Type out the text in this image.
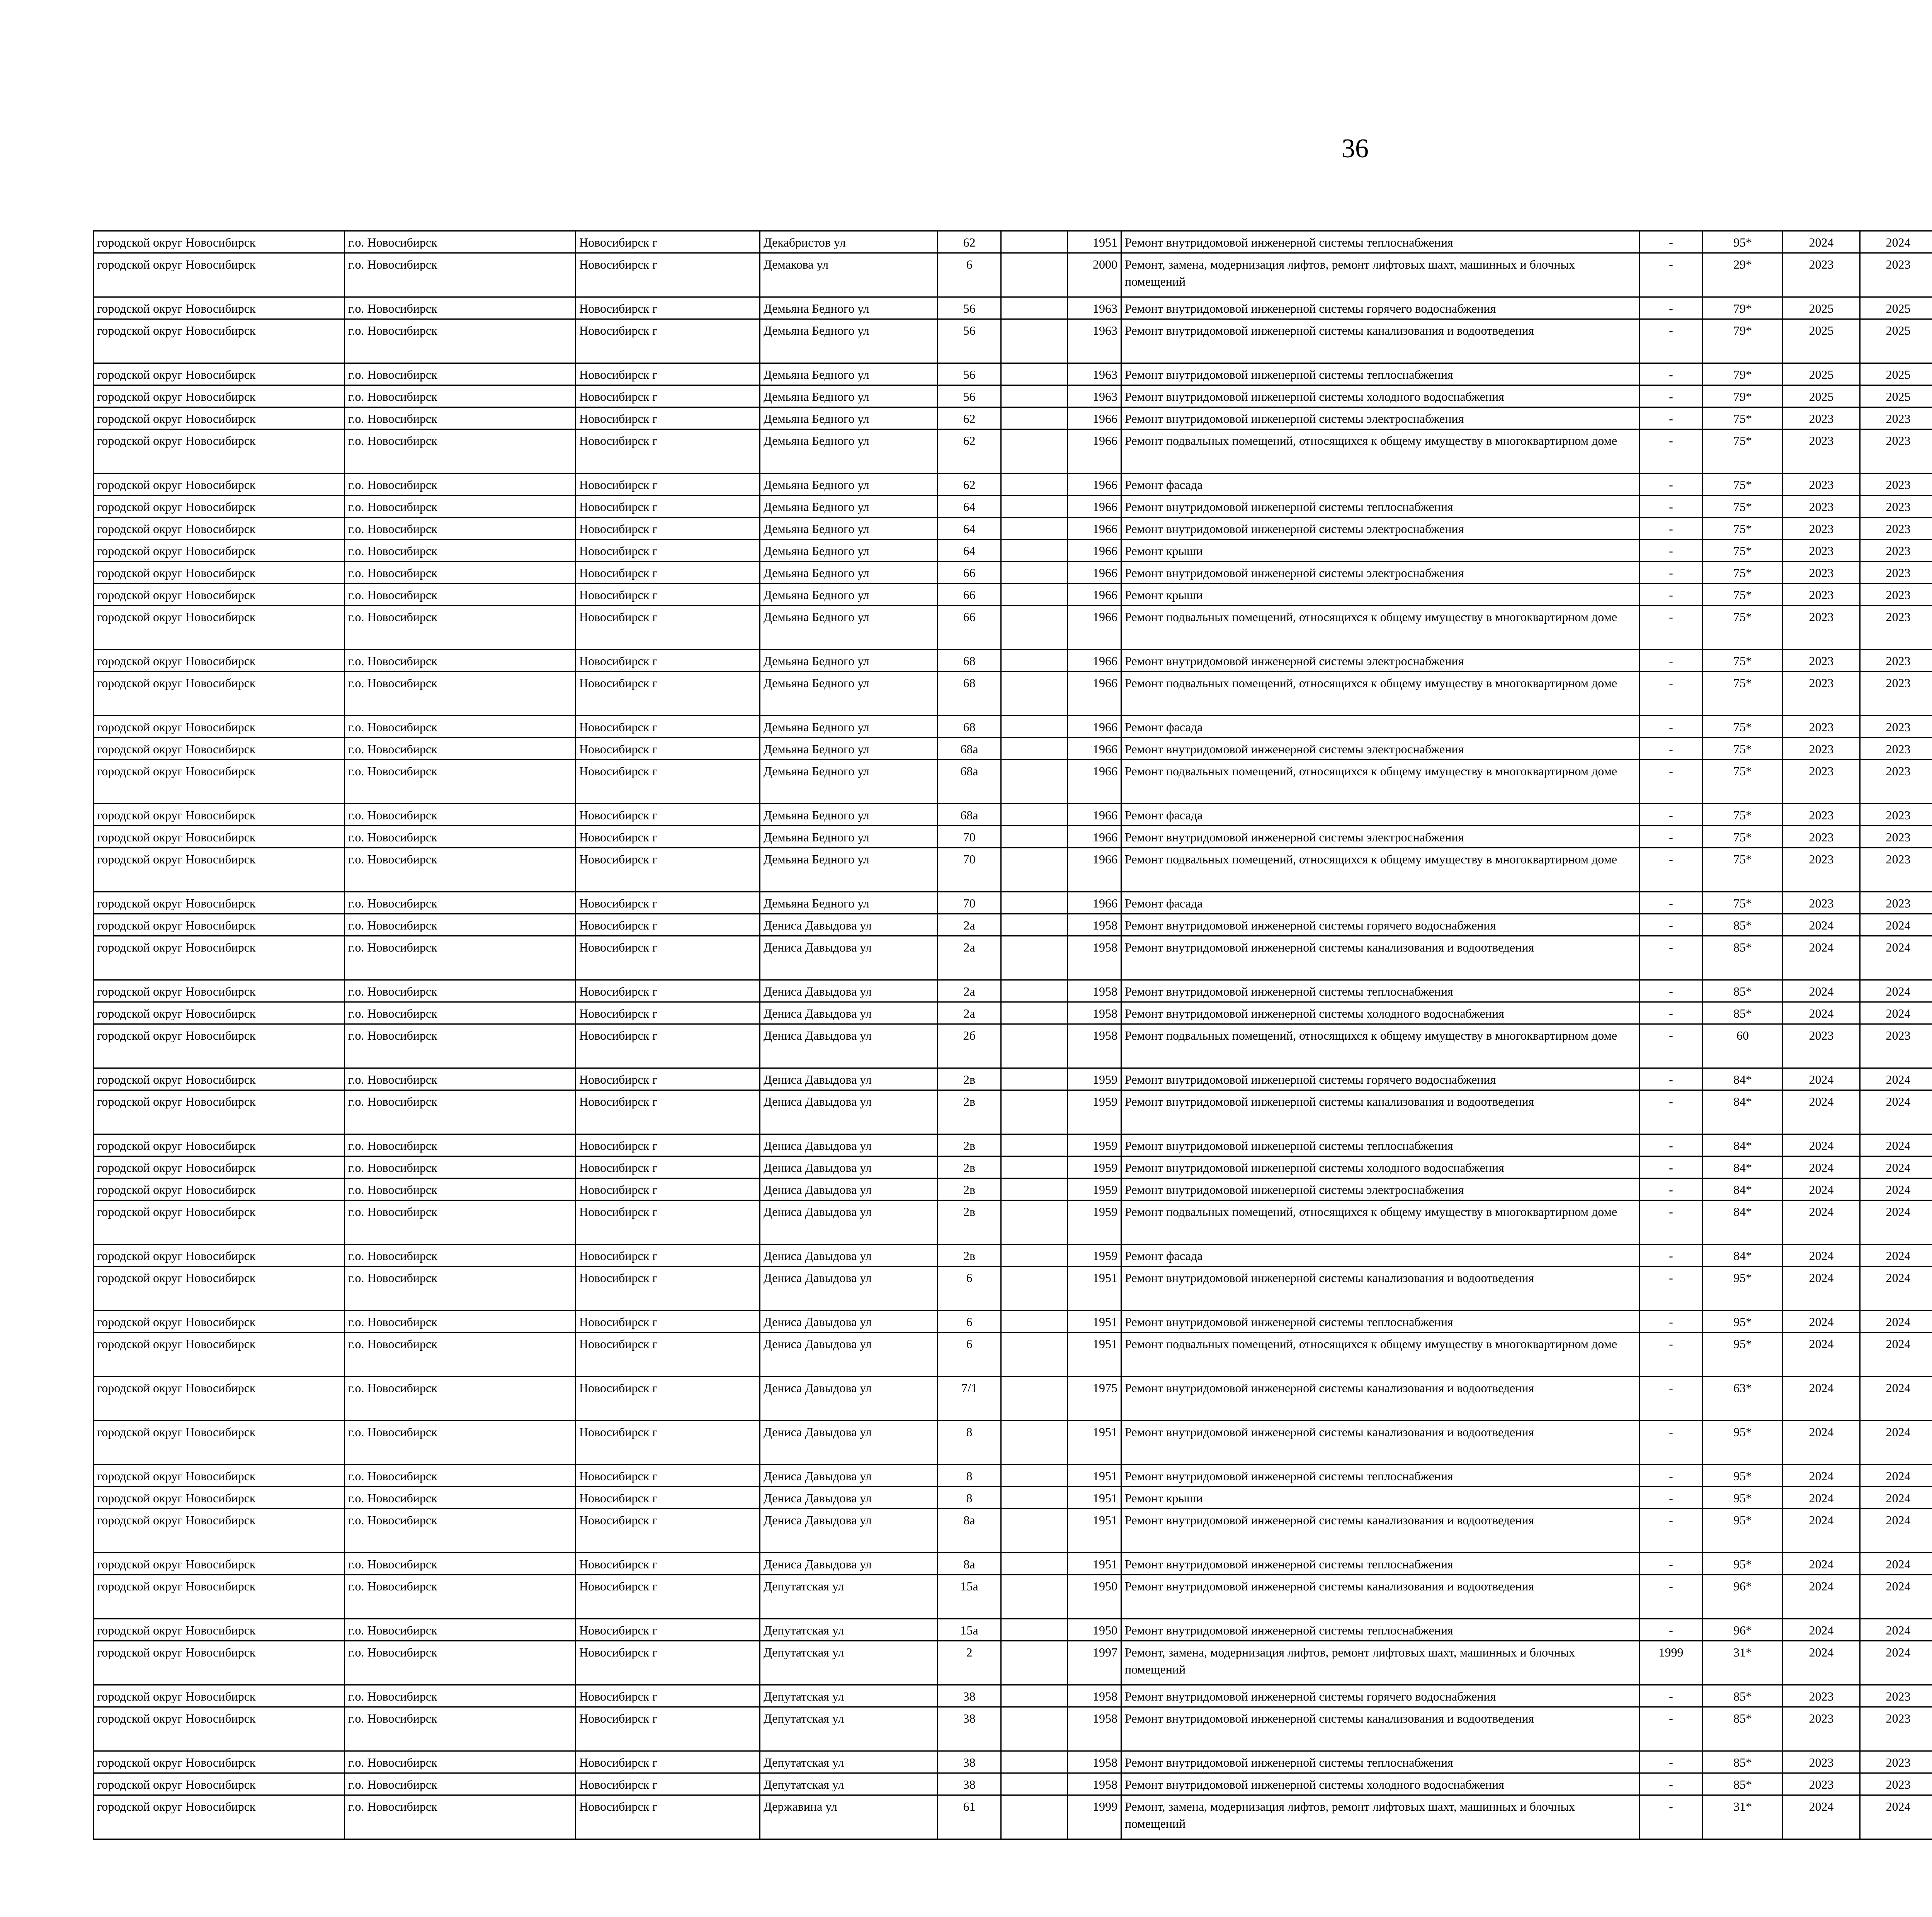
36
городской округ Новосибирск	г.о. Новосибирск	Новосибирск г	Декабристов ул	62		1951	Ремонт внутридомовой инженерной системы теплоснабжения	-	95*	2024	2024							
городской округ Новосибирск	г.о. Новосибирск	Новосибирск г	Демакова ул	6		2000	Ремонт, замена, модернизация лифтов, ремонт лифтовых шахт, машинных и блочных помещений	-	29*	2023	2023							
городской округ Новосибирск	г.о. Новосибирск	Новосибирск г	Демьяна Бедного ул	56		1963	Ремонт внутридомовой инженерной системы горячего водоснабжения	-	79*	2025	2025							
городской округ Новосибирск	г.о. Новосибирск	Новосибирск г	Демьяна Бедного ул	56		1963	Ремонт внутридомовой инженерной системы канализования и водоотведения	-	79*	2025	2025							
городской округ Новосибирск	г.о. Новосибирск	Новосибирск г	Демьяна Бедного ул	56		1963	Ремонт внутридомовой инженерной системы теплоснабжения	-	79*	2025	2025							
городской округ Новосибирск	г.о. Новосибирск	Новосибирск г	Демьяна Бедного ул	56		1963	Ремонт внутридомовой инженерной системы холодного водоснабжения	-	79*	2025	2025							
городской округ Новосибирск	г.о. Новосибирск	Новосибирск г	Демьяна Бедного ул	62		1966	Ремонт внутридомовой инженерной системы электроснабжения	-	75*	2023	2023							
городской округ Новосибирск	г.о. Новосибирск	Новосибирск г	Демьяна Бедного ул	62		1966	Ремонт подвальных помещений, относящихся к общему имуществу в многоквартирном доме	-	75*	2023	2023							
городской округ Новосибирск	г.о. Новосибирск	Новосибирск г	Демьяна Бедного ул	62		1966	Ремонт фасада	-	75*	2023	2023							
городской округ Новосибирск	г.о. Новосибирск	Новосибирск г	Демьяна Бедного ул	64		1966	Ремонт внутридомовой инженерной системы теплоснабжения	-	75*	2023	2023							
городской округ Новосибирск	г.о. Новосибирск	Новосибирск г	Демьяна Бедного ул	64		1966	Ремонт внутридомовой инженерной системы электроснабжения	-	75*	2023	2023							
городской округ Новосибирск	г.о. Новосибирск	Новосибирск г	Демьяна Бедного ул	64		1966	Ремонт крыши	-	75*	2023	2023							
городской округ Новосибирск	г.о. Новосибирск	Новосибирск г	Демьяна Бедного ул	66		1966	Ремонт внутридомовой инженерной системы электроснабжения	-	75*	2023	2023							
городской округ Новосибирск	г.о. Новосибирск	Новосибирск г	Демьяна Бедного ул	66		1966	Ремонт крыши	-	75*	2023	2023							
городской округ Новосибирск	г.о. Новосибирск	Новосибирск г	Демьяна Бедного ул	66		1966	Ремонт подвальных помещений, относящихся к общему имуществу в многоквартирном доме	-	75*	2023	2023							
городской округ Новосибирск	г.о. Новосибирск	Новосибирск г	Демьяна Бедного ул	68		1966	Ремонт внутридомовой инженерной системы электроснабжения	-	75*	2023	2023							
городской округ Новосибирск	г.о. Новосибирск	Новосибирск г	Демьяна Бедного ул	68		1966	Ремонт подвальных помещений, относящихся к общему имуществу в многоквартирном доме	-	75*	2023	2023							
городской округ Новосибирск	г.о. Новосибирск	Новосибирск г	Демьяна Бедного ул	68		1966	Ремонт фасада	-	75*	2023	2023							
городской округ Новосибирск	г.о. Новосибирск	Новосибирск г	Демьяна Бедного ул	68а		1966	Ремонт внутридомовой инженерной системы электроснабжения	-	75*	2023	2023							
городской округ Новосибирск	г.о. Новосибирск	Новосибирск г	Демьяна Бедного ул	68а		1966	Ремонт подвальных помещений, относящихся к общему имуществу в многоквартирном доме	-	75*	2023	2023							
городской округ Новосибирск	г.о. Новосибирск	Новосибирск г	Демьяна Бедного ул	68а		1966	Ремонт фасада	-	75*	2023	2023							
городской округ Новосибирск	г.о. Новосибирск	Новосибирск г	Демьяна Бедного ул	70		1966	Ремонт внутридомовой инженерной системы электроснабжения	-	75*	2023	2023							
городской округ Новосибирск	г.о. Новосибирск	Новосибирск г	Демьяна Бедного ул	70		1966	Ремонт подвальных помещений, относящихся к общему имуществу в многоквартирном доме	-	75*	2023	2023							
городской округ Новосибирск	г.о. Новосибирск	Новосибирск г	Демьяна Бедного ул	70		1966	Ремонт фасада	-	75*	2023	2023							
городской округ Новосибирск	г.о. Новосибирск	Новосибирск г	Дениса Давыдова ул	2а		1958	Ремонт внутридомовой инженерной системы горячего водоснабжения	-	85*	2024	2024							
городской округ Новосибирск	г.о. Новосибирск	Новосибирск г	Дениса Давыдова ул	2а		1958	Ремонт внутридомовой инженерной системы канализования и водоотведения	-	85*	2024	2024							
городской округ Новосибирск	г.о. Новосибирск	Новосибирск г	Дениса Давыдова ул	2а		1958	Ремонт внутридомовой инженерной системы теплоснабжения	-	85*	2024	2024							
городской округ Новосибирск	г.о. Новосибирск	Новосибирск г	Дениса Давыдова ул	2а		1958	Ремонт внутридомовой инженерной системы холодного водоснабжения	-	85*	2024	2024							
городской округ Новосибирск	г.о. Новосибирск	Новосибирск г	Дениса Давыдова ул	2б		1958	Ремонт подвальных помещений, относящихся к общему имуществу в многоквартирном доме	-	60	2023	2023							
городской округ Новосибирск	г.о. Новосибирск	Новосибирск г	Дениса Давыдова ул	2в		1959	Ремонт внутридомовой инженерной системы горячего водоснабжения	-	84*	2024	2024							
городской округ Новосибирск	г.о. Новосибирск	Новосибирск г	Дениса Давыдова ул	2в		1959	Ремонт внутридомовой инженерной системы канализования и водоотведения	-	84*	2024	2024							
городской округ Новосибирск	г.о. Новосибирск	Новосибирск г	Дениса Давыдова ул	2в		1959	Ремонт внутридомовой инженерной системы теплоснабжения	-	84*	2024	2024							
городской округ Новосибирск	г.о. Новосибирск	Новосибирск г	Дениса Давыдова ул	2в		1959	Ремонт внутридомовой инженерной системы холодного водоснабжения	-	84*	2024	2024							
городской округ Новосибирск	г.о. Новосибирск	Новосибирск г	Дениса Давыдова ул	2в		1959	Ремонт внутридомовой инженерной системы электроснабжения	-	84*	2024	2024							
городской округ Новосибирск	г.о. Новосибирск	Новосибирск г	Дениса Давыдова ул	2в		1959	Ремонт подвальных помещений, относящихся к общему имуществу в многоквартирном доме	-	84*	2024	2024							
городской округ Новосибирск	г.о. Новосибирск	Новосибирск г	Дениса Давыдова ул	2в		1959	Ремонт фасада	-	84*	2024	2024							
городской округ Новосибирск	г.о. Новосибирск	Новосибирск г	Дениса Давыдова ул	6		1951	Ремонт внутридомовой инженерной системы канализования и водоотведения	-	95*	2024	2024							
городской округ Новосибирск	г.о. Новосибирск	Новосибирск г	Дениса Давыдова ул	6		1951	Ремонт внутридомовой инженерной системы теплоснабжения	-	95*	2024	2024							
городской округ Новосибирск	г.о. Новосибирск	Новосибирск г	Дениса Давыдова ул	6		1951	Ремонт подвальных помещений, относящихся к общему имуществу в многоквартирном доме	-	95*	2024	2024							
городской округ Новосибирск	г.о. Новосибирск	Новосибирск г	Дениса Давыдова ул	7/1		1975	Ремонт внутридомовой инженерной системы канализования и водоотведения	-	63*	2024	2024							
городской округ Новосибирск	г.о. Новосибирск	Новосибирск г	Дениса Давыдова ул	8		1951	Ремонт внутридомовой инженерной системы канализования и водоотведения	-	95*	2024	2024							
городской округ Новосибирск	г.о. Новосибирск	Новосибирск г	Дениса Давыдова ул	8		1951	Ремонт внутридомовой инженерной системы теплоснабжения	-	95*	2024	2024							
городской округ Новосибирск	г.о. Новосибирск	Новосибирск г	Дениса Давыдова ул	8		1951	Ремонт крыши	-	95*	2024	2024							
городской округ Новосибирск	г.о. Новосибирск	Новосибирск г	Дениса Давыдова ул	8а		1951	Ремонт внутридомовой инженерной системы канализования и водоотведения	-	95*	2024	2024							
городской округ Новосибирск	г.о. Новосибирск	Новосибирск г	Дениса Давыдова ул	8а		1951	Ремонт внутридомовой инженерной системы теплоснабжения	-	95*	2024	2024							
городской округ Новосибирск	г.о. Новосибирск	Новосибирск г	Депутатская ул	15а		1950	Ремонт внутридомовой инженерной системы канализования и водоотведения	-	96*	2024	2024							
городской округ Новосибирск	г.о. Новосибирск	Новосибирск г	Депутатская ул	15а		1950	Ремонт внутридомовой инженерной системы теплоснабжения	-	96*	2024	2024							
городской округ Новосибирск	г.о. Новосибирск	Новосибирск г	Депутатская ул	2		1997	Ремонт, замена, модернизация лифтов, ремонт лифтовых шахт, машинных и блочных помещений	1999	31*	2024	2024							
городской округ Новосибирск	г.о. Новосибирск	Новосибирск г	Депутатская ул	38		1958	Ремонт внутридомовой инженерной системы горячего водоснабжения	-	85*	2023	2023							
городской округ Новосибирск	г.о. Новосибирск	Новосибирск г	Депутатская ул	38		1958	Ремонт внутридомовой инженерной системы канализования и водоотведения	-	85*	2023	2023							
городской округ Новосибирск	г.о. Новосибирск	Новосибирск г	Депутатская ул	38		1958	Ремонт внутридомовой инженерной системы теплоснабжения	-	85*	2023	2023							
городской округ Новосибирск	г.о. Новосибирск	Новосибирск г	Депутатская ул	38		1958	Ремонт внутридомовой инженерной системы холодного водоснабжения	-	85*	2023	2023							
городской округ Новосибирск	г.о. Новосибирск	Новосибирск г	Державина ул	61		1999	Ремонт, замена, модернизация лифтов, ремонт лифтовых шахт, машинных и блочных помещений	-	31*	2024	2024							
